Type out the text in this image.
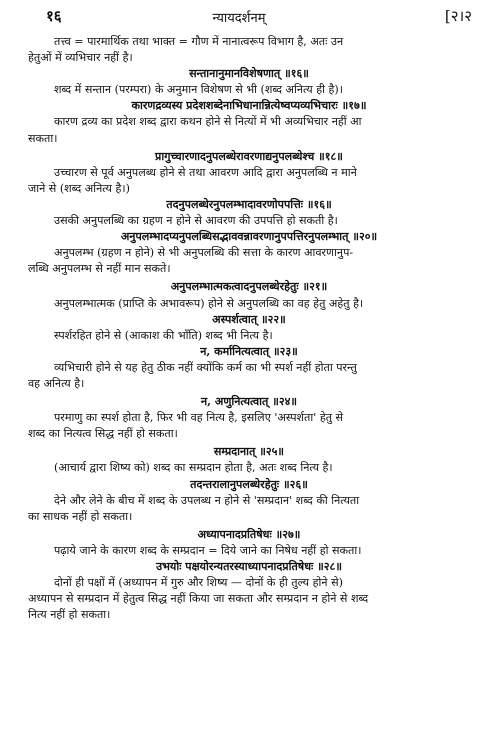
१६	न्यायदर्शनम्	[२।२
तत्त्व = पारमार्थिक तथा भाक्त = गौण में नानात्वरूप विभाग है, अतः उन
हेतुओं में व्यभिचार नहीं है।
सन्तानानुमानविशेषणात् ॥१६॥
शब्द में सन्तान (परम्परा) के अनुमान विशेषण से भी (शब्द अनित्य ही है)।
कारणद्रव्यस्य प्रदेशशब्देनाभिधानान्नित्येष्वप्यव्यभिचारः ॥१७॥
कारण द्रव्य का प्रदेश शब्द द्वारा कथन होने से नित्यों में भी अव्यभिचार नहीं आ
सकता।
प्रागुच्चारणादनुपलब्धेरावरणाद्यनुपलब्धेश्च ॥१८॥
उच्चारण से पूर्व अनुपलब्ध होने से तथा आवरण आदि द्वारा अनुपलब्धि न माने
जाने से (शब्द अनित्य है।)
तदनुपलब्धेरनुपलम्भादावरणोपपत्तिः ॥१६॥
उसकी अनुपलब्धि का ग्रहण न होने से आवरण की उपपत्ति हो सकती है।
अनुपलम्भादप्यनुपलब्धिसद्भाववन्नावरणानुपपत्तिरनुपलम्भात् ॥२०॥
अनुपलम्भ (ग्रहण न होने) से भी अनुपलब्धि की सत्ता के कारण आवरणानुप-
लब्धि अनुपलम्भ से नहीं मान सकते।
अनुपलम्भात्मकत्वादनुपलब्धेरहेतुः ॥२१॥
अनुपलम्भात्मक (प्राप्ति के अभावरूप) होने से अनुपलब्धि का वह हेतु अहेतु है।
अस्पर्शत्वात् ॥२२॥
स्पर्शरहित होने से (आकाश की भाँति) शब्द भी नित्य है।
न, कर्मानित्यत्वात् ॥२३॥
व्यभिचारी होने से यह हेतु ठीक नहीं क्योंकि कर्म का भी स्पर्श नहीं होता परन्तु
वह अनित्य है।
न, अणुनित्यत्वात् ॥२४॥
परमाणु का स्पर्श होता है, फिर भी वह नित्य है, इसलिए 'अस्पर्शता' हेतु से
शब्द का नित्यत्व सिद्ध नहीं हो सकता।
सम्प्रदानात् ॥२५॥
(आचार्य द्वारा शिष्य को) शब्द का सम्प्रदान होता है, अतः शब्द नित्य है।
तदन्तरालानुपलब्धेरहेतुः ॥२६॥
देने और लेने के बीच में शब्द के उपलब्ध न होने से 'सम्प्रदान' शब्द की नित्यता
का साधक नहीं हो सकता।
अध्यापनादप्रतिषेधः ॥२७॥
पढ़ाये जाने के कारण शब्द के सम्प्रदान = दिये जाने का निषेध नहीं हो सकता।
उभयोः पक्षयोरन्यतरस्याध्यापनादप्रतिषेधः ॥२८॥
दोनों ही पक्षों में (अध्यापन में गुरु और शिष्य — दोनों के ही तुल्य होने से)
अध्यापन से सम्प्रदान में हेतुत्व सिद्ध नहीं किया जा सकता और सम्प्रदान न होने से शब्द
नित्य नहीं हो सकता।
